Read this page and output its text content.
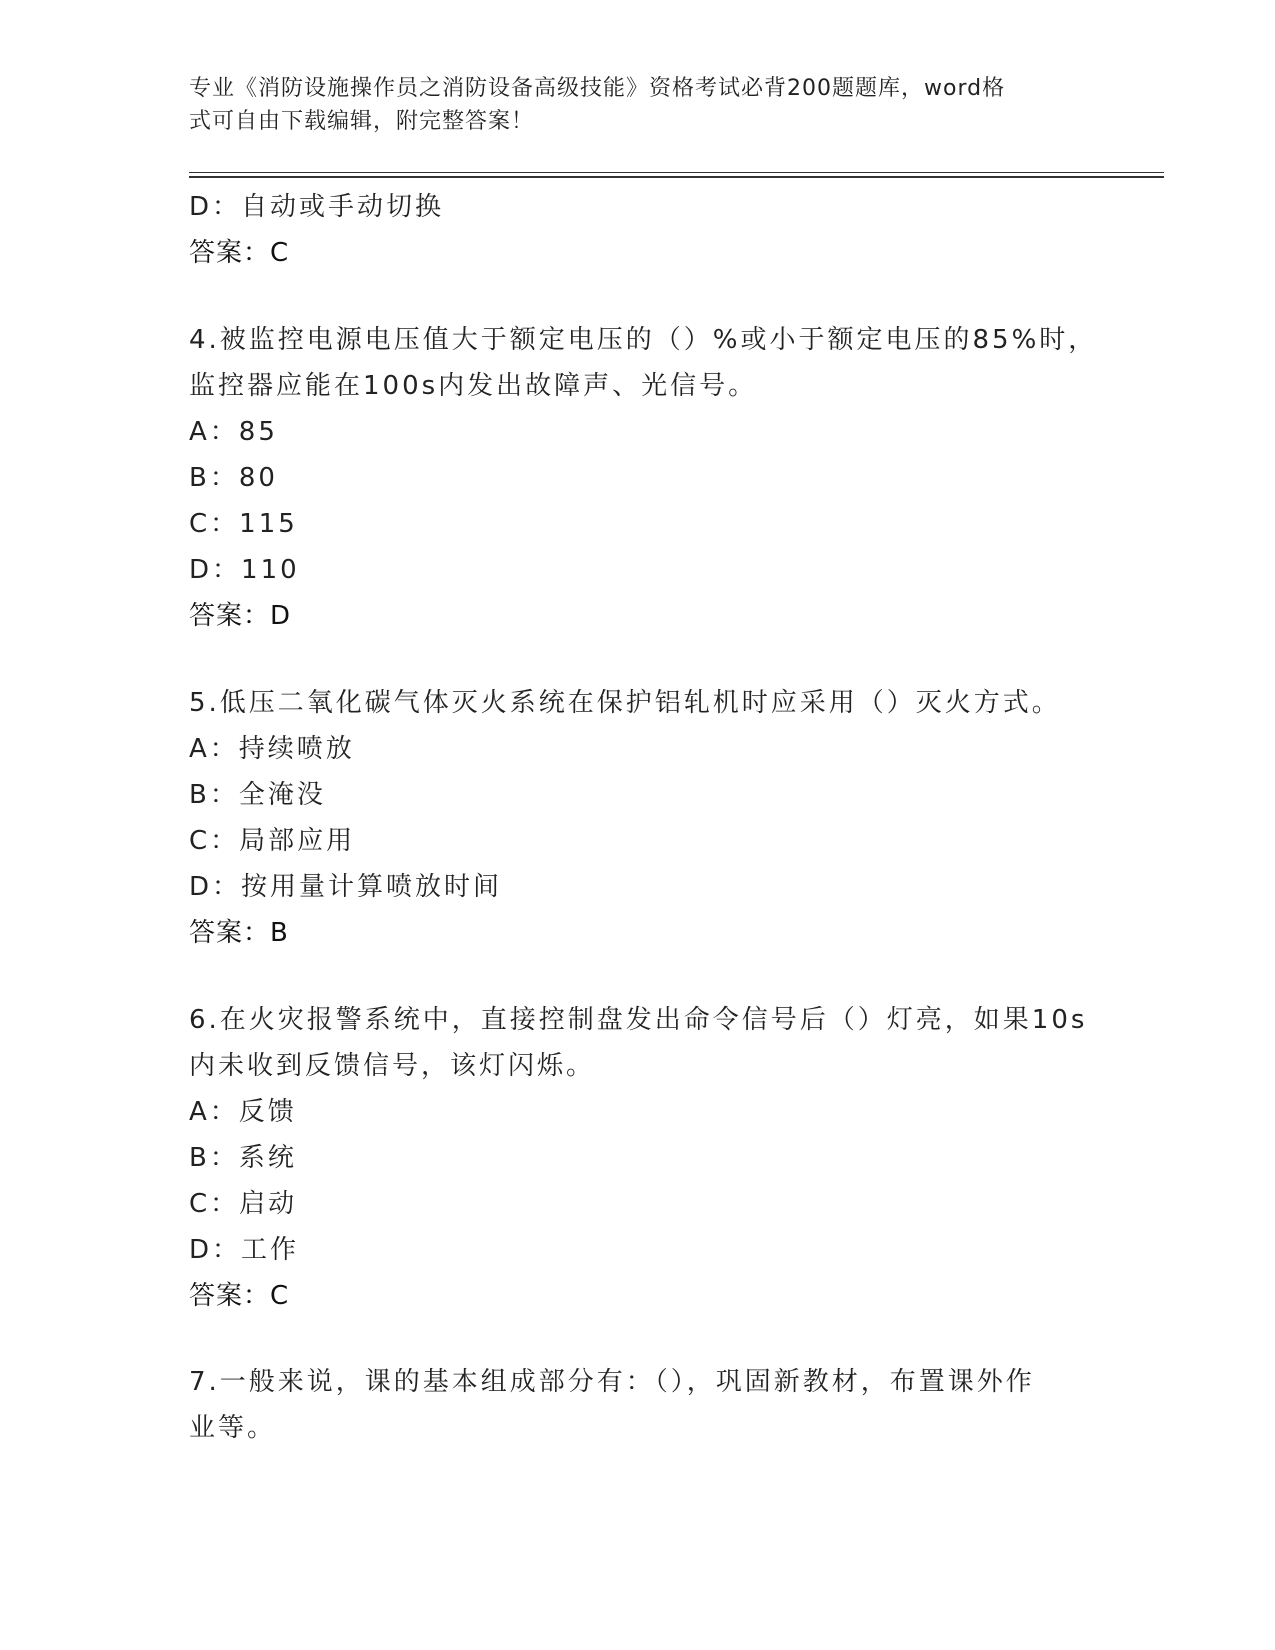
专业《消防设施操作员之消防设备高级技能》资格考试必背200题题库，word格
式可自由下载编辑，附完整答案！
D：自动或手动切换
答案：C
4.被监控电源电压值大于额定电压的（）%或小于额定电压的85%时，
监控器应能在100s内发出故障声、光信号。
A：85
B：80
C：115
D：110
答案：D
5.低压二氧化碳气体灭火系统在保护铝轧机时应采用（）灭火方式。
A：持续喷放
B：全淹没
C：局部应用
D：按用量计算喷放时间
答案：B
6.在火灾报警系统中，直接控制盘发出命令信号后（）灯亮，如果10s
内未收到反馈信号，该灯闪烁。
A：反馈
B：系统
C：启动
D：工作
答案：C
7.一般来说，课的基本组成部分有：（），巩固新教材，布置课外作
业等。
